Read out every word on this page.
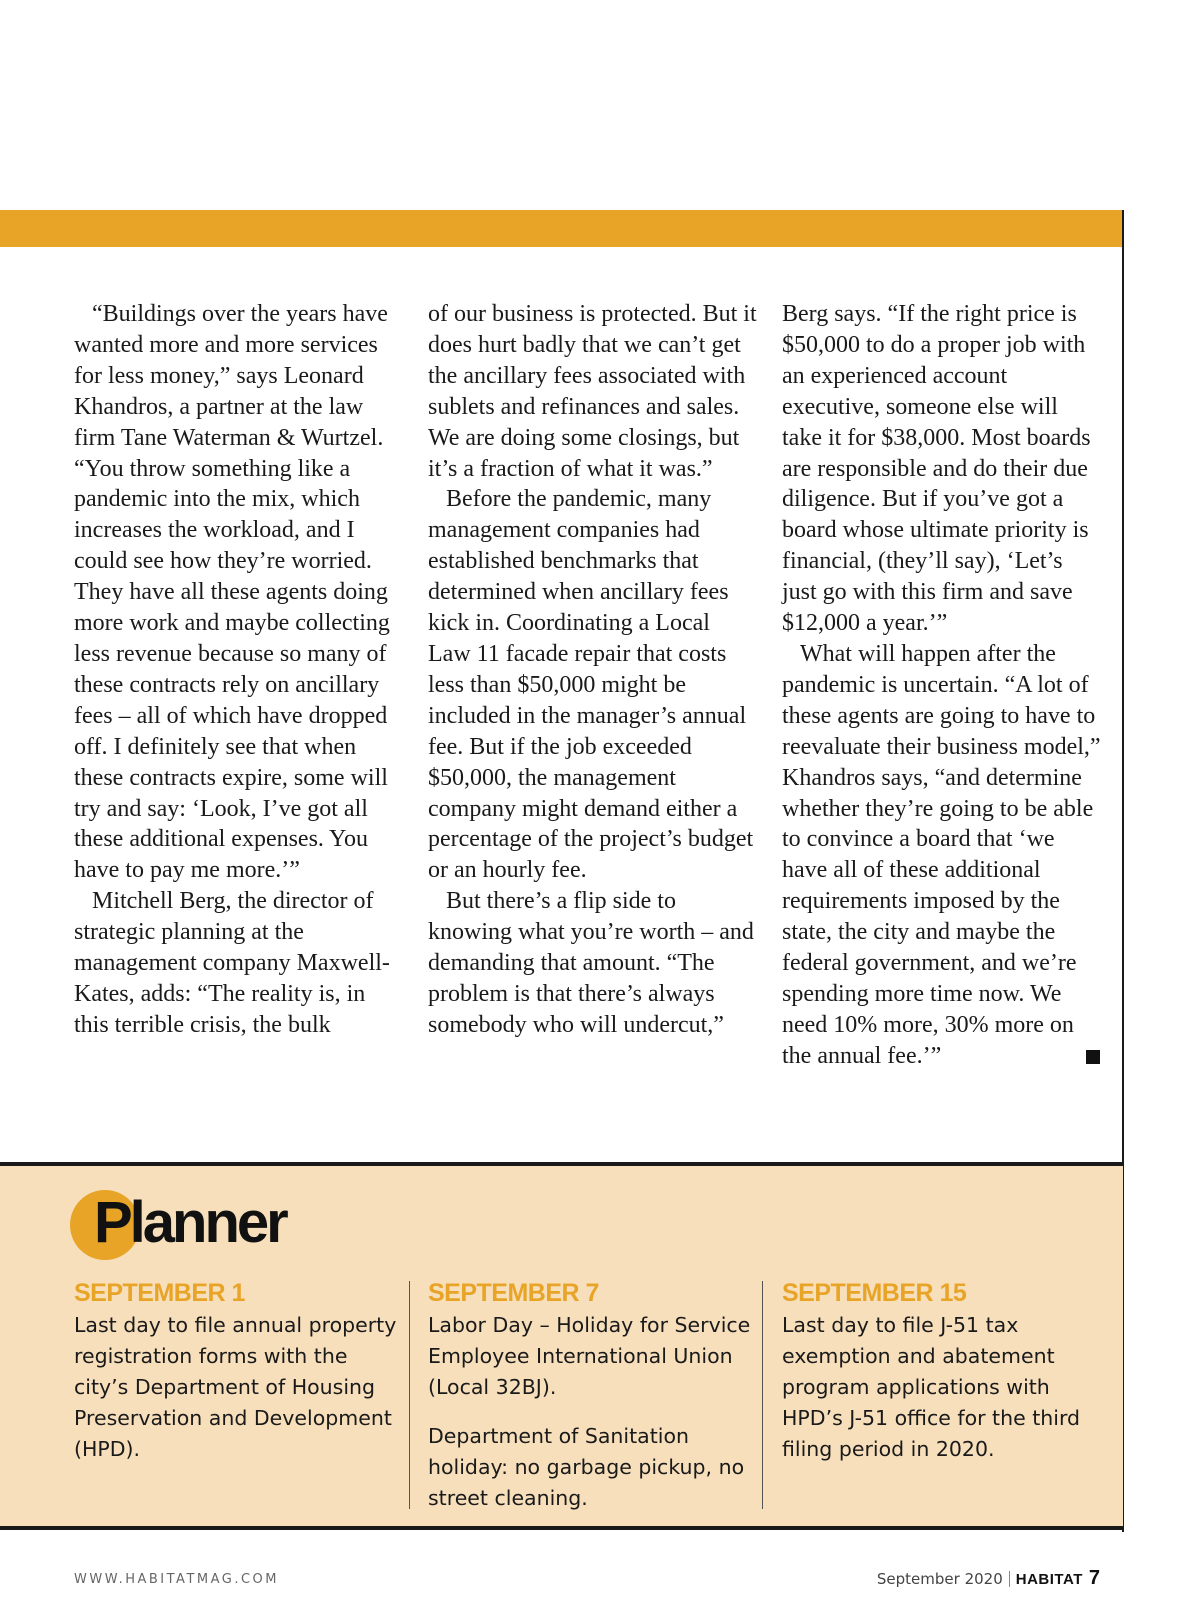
“Buildings over the years have wanted more and more services for less money,” says Leonard Khandros, a partner at the law firm Tane Waterman & Wurtzel. “You throw something like a pandemic into the mix, which increases the workload, and I could see how they’re worried. They have all these agents doing more work and maybe collecting less revenue because so many of these contracts rely on ancillary fees – all of which have dropped off. I definitely see that when these contracts expire, some will try and say: ‘Look, I’ve got all these additional expenses. You have to pay me more.’”

Mitchell Berg, the director of strategic planning at the management company Maxwell-Kates, adds: “The reality is, in this terrible crisis, the bulk

of our business is protected. But it does hurt badly that we can’t get the ancillary fees associated with sublets and refinances and sales. We are doing some closings, but it’s a fraction of what it was.”

Before the pandemic, many management companies had established benchmarks that determined when ancillary fees kick in. Coordinating a Local Law 11 facade repair that costs less than $50,000 might be included in the manager’s annual fee. But if the job exceeded $50,000, the management company might demand either a percentage of the project’s budget or an hourly fee.

But there’s a flip side to knowing what you’re worth – and demanding that amount. “The problem is that there’s always somebody who will undercut,”

Berg says. “If the right price is $50,000 to do a proper job with an experienced account executive, someone else will take it for $38,000. Most boards are responsible and do their due diligence. But if you’ve got a board whose ultimate priority is financial, (they’ll say), ‘Let’s just go with this firm and save $12,000 a year.’”

What will happen after the pandemic is uncertain. “A lot of these agents are going to have to reevaluate their business model,” Khandros says, “and determine whether they’re going to be able to convince a board that ‘we have all of these additional requirements imposed by the state, the city and maybe the federal government, and we’re spending more time now. We need 10% more, 30% more on the annual fee.’”

Planner
SEPTEMBER 1

Last day to file annual property registration forms with the city’s Department of Housing Preservation and Development (HPD).

SEPTEMBER 7

Labor Day – Holiday for Service Employee International Union (Local 32BJ).

Department of Sanitation holiday: no garbage pickup, no street cleaning.

SEPTEMBER 15

Last day to file J-51 tax exemption and abatement program applications with HPD’s J-51 office for the third filing period in 2020.

WWW.HABITATMAG.COM	September 2020 HABITAT 7
